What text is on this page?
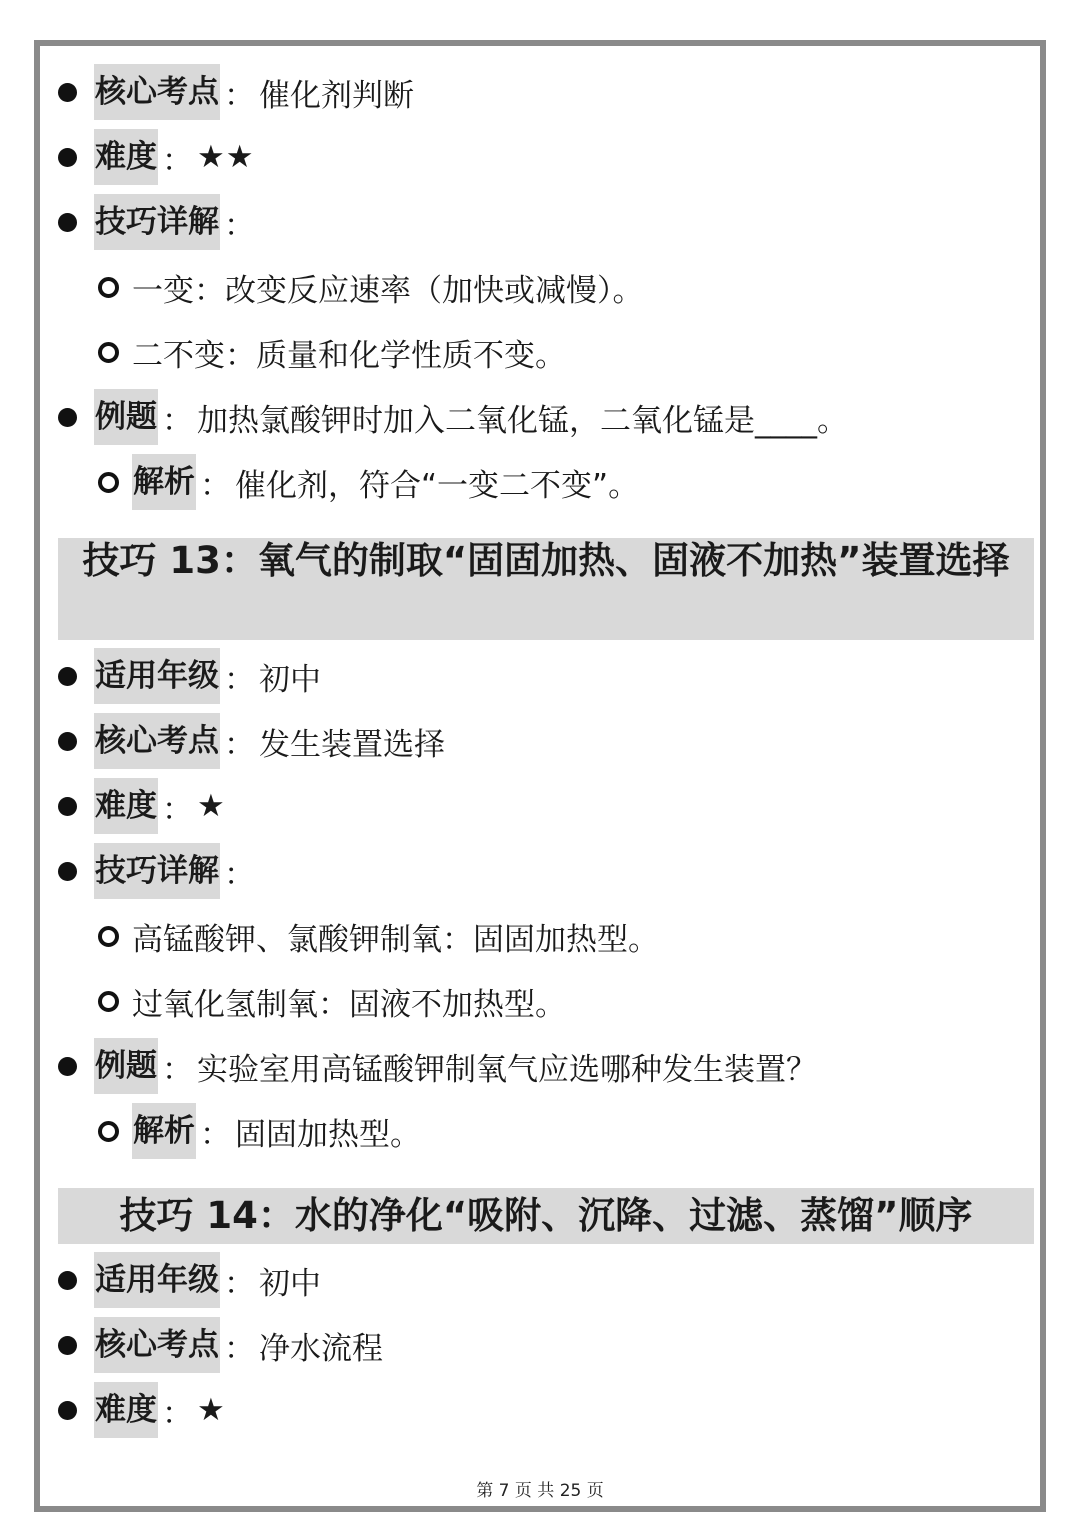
核心考点 ： 催化剂判断
难度 ： ★★
技巧详解 ：
一变：改变反应速率（加快或减慢）。
二不变：质量和化学性质不变。
例题 ： 加热氯酸钾时加入二氧化锰，二氧化锰是____。
解析 ： 催化剂，符合“一变二不变”。
技巧 13：氧气的制取“固固加热、固液不加热”装置选择
适用年级 ： 初中
核心考点 ： 发生装置选择
难度 ： ★
技巧详解 ：
高锰酸钾、氯酸钾制氧：固固加热型。
过氧化氢制氧：固液不加热型。
例题 ： 实验室用高锰酸钾制氧气应选哪种发生装置？
解析 ： 固固加热型。
技巧 14：水的净化“吸附、沉降、过滤、蒸馏”顺序
适用年级 ： 初中
核心考点 ： 净水流程
难度 ： ★
第 7 页 共 25 页
